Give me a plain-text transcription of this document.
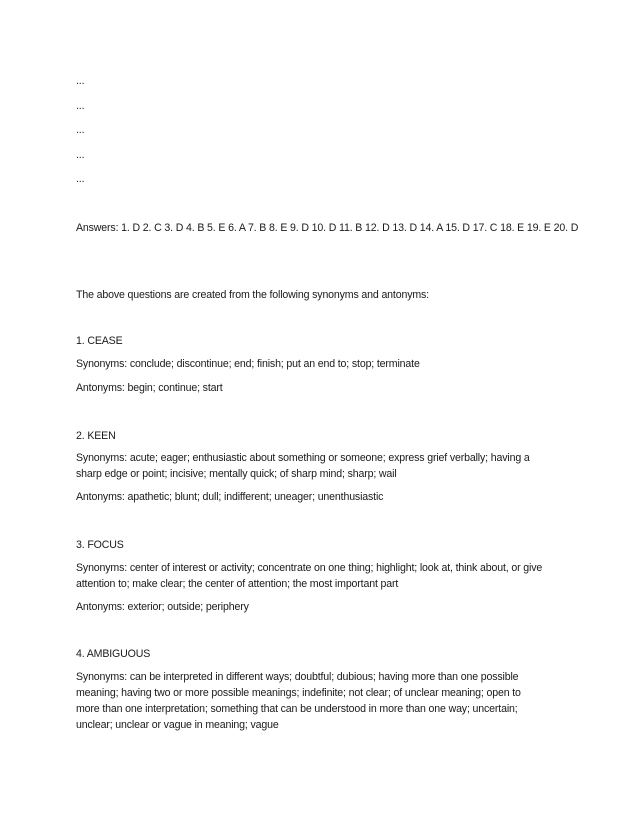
...
...
...
...
...
Answers: 1. D 2. C 3. D 4. B 5. E 6. A 7. B 8. E 9. D 10. D 11. B 12. D 13. D 14. A 15. D 17. C 18. E 19. E 20. D
The above questions are created from the following synonyms and antonyms:
1. CEASE
Synonyms: conclude; discontinue; end; finish; put an end to; stop; terminate
Antonyms: begin; continue; start
2. KEEN
Synonyms: acute; eager; enthusiastic about something or someone; express grief verbally; having a
sharp edge or point; incisive; mentally quick; of sharp mind; sharp; wail
Antonyms: apathetic; blunt; dull; indifferent; uneager; unenthusiastic
3. FOCUS
Synonyms: center of interest or activity; concentrate on one thing; highlight; look at, think about, or give
attention to; make clear; the center of attention; the most important part
Antonyms: exterior; outside; periphery
4. AMBIGUOUS
Synonyms: can be interpreted in different ways; doubtful; dubious; having more than one possible
meaning; having two or more possible meanings; indefinite; not clear; of unclear meaning; open to
more than one interpretation; something that can be understood in more than one way; uncertain;
unclear; unclear or vague in meaning; vague
